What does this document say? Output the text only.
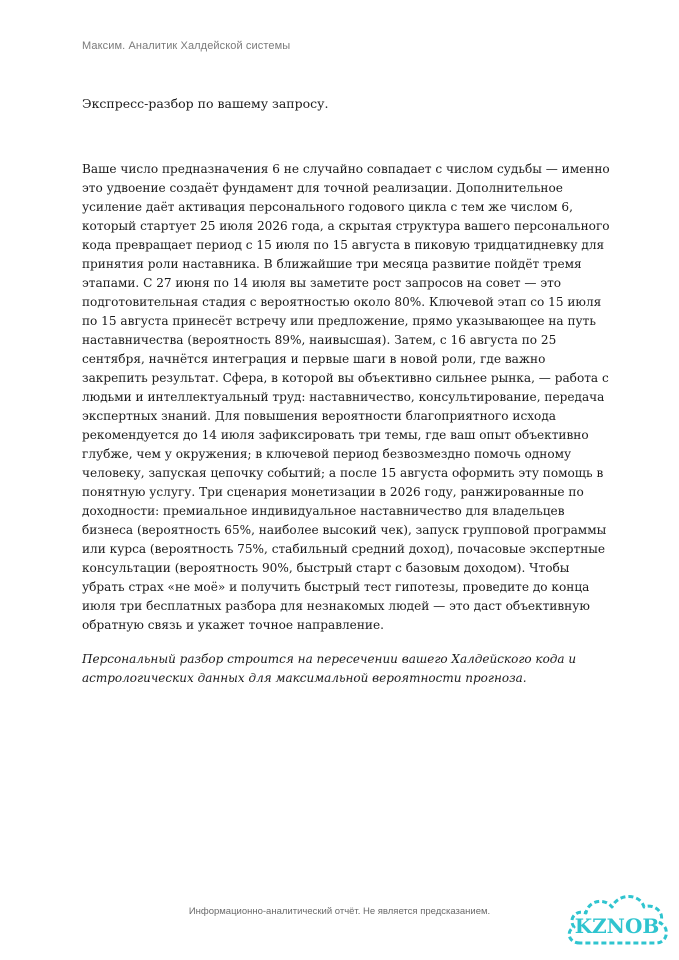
Максим. Аналитик Халдейской системы
Экспресс-разбор по вашему запросу.
Ваше число предназначения 6 не случайно совпадает с числом судьбы — именно это удвоение создаёт фундамент для точной реализации. Дополнительное усиление даёт активация персонального годового цикла с тем же числом 6, который стартует 25 июля 2026 года, а скрытая структура вашего персонального кода превращает период с 15 июля по 15 августа в пиковую тридцатидневку для принятия роли наставника. В ближайшие три месяца развитие пойдёт тремя этапами. С 27 июня по 14 июля вы заметите рост запросов на совет — это подготовительная стадия с вероятностью около 80%. Ключевой этап со 15 июля по 15 августа принесёт встречу или предложение, прямо указывающее на путь наставничества (вероятность 89%, наивысшая). Затем, с 16 августа по 25 сентября, начнётся интеграция и первые шаги в новой роли, где важно закрепить результат. Сфера, в которой вы объективно сильнее рынка, — работа с людьми и интеллектуальный труд: наставничество, консультирование, передача экспертных знаний. Для повышения вероятности благоприятного исхода рекомендуется до 14 июля зафиксировать три темы, где ваш опыт объективно глубже, чем у окружения; в ключевой период безвозмездно помочь одному человеку, запуская цепочку событий; а после 15 августа оформить эту помощь в понятную услугу. Три сценария монетизации в 2026 году, ранжированные по доходности: премиальное индивидуальное наставничество для владельцев бизнеса (вероятность 65%, наиболее высокий чек), запуск групповой программы или курса (вероятность 75%, стабильный средний доход), почасовые экспертные консультации (вероятность 90%, быстрый старт с базовым доходом). Чтобы убрать страх «не моё» и получить быстрый тест гипотезы, проведите до конца июля три бесплатных разбора для незнакомых людей — это даст объективную обратную связь и укажет точное направление.
Персональный разбор строится на пересечении вашего Халдейского кода и астрологических данных для максимальной вероятности прогноза.
Информационно-аналитический отчёт. Не является предсказанием.
KZNOB
